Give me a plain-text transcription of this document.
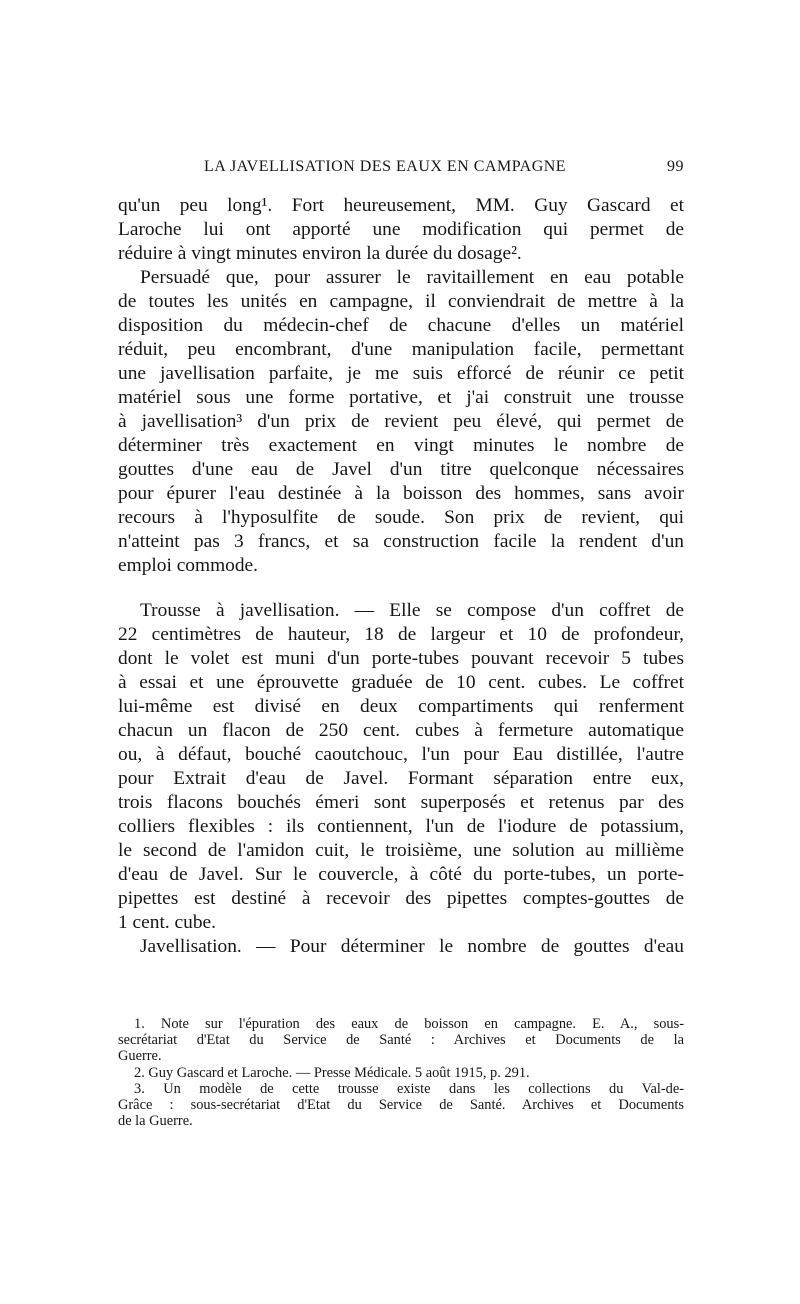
LA JAVELLISATION DES EAUX EN CAMPAGNE	99
qu'un peu long¹. Fort heureusement, MM. Guy Gascard et
Laroche lui ont apporté une modification qui permet de
réduire à vingt minutes environ la durée du dosage².
Persuadé que, pour assurer le ravitaillement en eau potable
de toutes les unités en campagne, il conviendrait de mettre à la
disposition du médecin-chef de chacune d'elles un matériel
réduit, peu encombrant, d'une manipulation facile, permettant
une javellisation parfaite, je me suis efforcé de réunir ce petit
matériel sous une forme portative, et j'ai construit une trousse
à javellisation³ d'un prix de revient peu élevé, qui permet de
déterminer très exactement en vingt minutes le nombre de
gouttes d'une eau de Javel d'un titre quelconque nécessaires
pour épurer l'eau destinée à la boisson des hommes, sans avoir
recours à l'hyposulfite de soude. Son prix de revient, qui
n'atteint pas 3 francs, et sa construction facile la rendent d'un
emploi commode.
Trousse à javellisation. — Elle se compose d'un coffret de
22 centimètres de hauteur, 18 de largeur et 10 de profondeur,
dont le volet est muni d'un porte-tubes pouvant recevoir 5 tubes
à essai et une éprouvette graduée de 10 cent. cubes. Le coffret
lui-même est divisé en deux compartiments qui renferment
chacun un flacon de 250 cent. cubes à fermeture automatique
ou, à défaut, bouché caoutchouc, l'un pour Eau distillée, l'autre
pour Extrait d'eau de Javel. Formant séparation entre eux,
trois flacons bouchés émeri sont superposés et retenus par des
colliers flexibles : ils contiennent, l'un de l'iodure de potassium,
le second de l'amidon cuit, le troisième, une solution au millième
d'eau de Javel. Sur le couvercle, à côté du porte-tubes, un porte-
pipettes est destiné à recevoir des pipettes comptes-gouttes de
1 cent. cube.
Javellisation. — Pour déterminer le nombre de gouttes d'eau
1. Note sur l'épuration des eaux de boisson en campagne. E. A., sous-
secrétariat d'Etat du Service de Santé : Archives et Documents de la
Guerre.
2. Guy Gascard et Laroche. — Presse Médicale. 5 août 1915, p. 291.
3. Un modèle de cette trousse existe dans les collections du Val-de-
Grâce : sous-secrétariat d'Etat du Service de Santé. Archives et Documents
de la Guerre.
